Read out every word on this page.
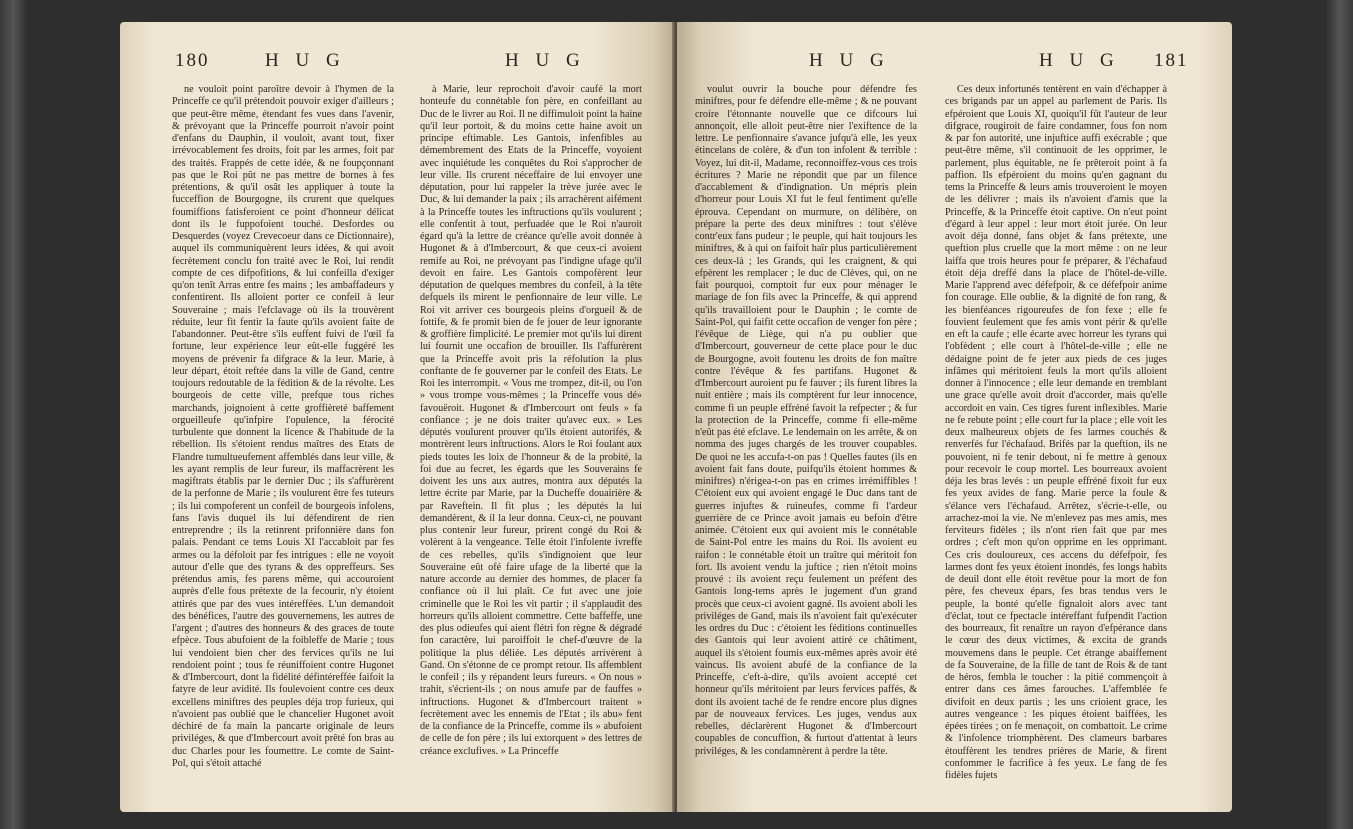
180	H U G	H U G

ne vouloit point paroître devoir à l'hymen de la Princeffe ce qu'il prétendoit pouvoir exiger d'ailleurs ; que peut-être même, étendant fes vues dans l'avenir, & prévoyant que la Princeffe pourroit n'avoir point d'enfans du Dauphin, il vouloit, avant tout, fixer irrévocablement fes droits, foit par les armes, foit par des traités. Frappés de cette idée, & ne foupçonnant pas que le Roi pût ne pas mettre de bornes à fes prétentions, & qu'il osât les appliquer à toute la fucceffion de Bourgogne, ils crurent que quelques foumiffions fatisferoient ce point d'honneur délicat dont ils le fuppofoient touché. Desfordes ou Desquerdes (voyez Crevecoeur dans ce Dictionnaire), auquel ils communiquèrent leurs idées, & qui avoit fecrètement conclu fon traité avec le Roi, lui rendit compte de ces difpofitions, & lui confeilla d'exiger qu'on tenît Arras entre fes mains ; les ambaffadeurs y confentirent. Ils alloient porter ce confeil à leur Souveraine ; mais l'efclavage où ils la trouvèrent réduite, leur fit fentir la faute qu'ils avoient faite de l'abandonner. Peut-être s'ils euffent fuivi de l'œil fa fortune, leur expérience leur eût-elle fuggéré les moyens de prévenir fa difgrace & la leur. Marie, à leur départ, étoit reftée dans la ville de Gand, centre toujours redoutable de la fédition & de la révolte. Les bourgeois de cette ville, prefque tous riches marchands, joignoient à cette groffièreté baffement orgueilleufe qu'infpire l'opulence, la férocité turbulente que donnent la licence & l'habitude de la rébellion. Ils s'étoient rendus maîtres des Etats de Flandre tumultueufement affemblés dans leur ville, & les ayant remplis de leur fureur, ils maffacrèrent les magiftrats établis par le dernier Duc ; ils s'affurèrent de la perfonne de Marie ; ils voulurent être fes tuteurs ; ils lui compoferent un confeil de bourgeois infolens, fans l'avis duquel ils lui défendirent de rien entreprendre ; ils la retinrent prifonnière dans fon palais. Pendant ce tems Louis XI l'accabloit par fes armes ou la défoloit par fes intrigues : elle ne voyoit autour d'elle que des tyrans & des oppreffeurs. Ses prétendus amis, fes parens même, qui accouroient auprès d'elle fous prétexte de la fecourir, n'y étoient attirés que par des vues intéreffées. L'un demandoit des bénéfices, l'autre des gouvernemens, les autres de l'argent ; d'autres des honneurs & des graces de toute efpèce. Tous abufoient de la foibleffe de Marie ; tous lui vendoient bien cher des fervices qu'ils ne lui rendoient point ; tous fe réuniffoient contre Hugonet & d'Imbercourt, dont la fidélité défintéreffée faifoit la fatyre de leur avidité. Ils foulevoient contre ces deux excellens miniftres des peuples déja trop furieux, qui n'avoient pas oublié que le chancelier Hugonet avoit déchiré de fa main la pancarte originale de leurs priviléges, & que d'Imbercourt avoit prêté fon bras au duc Charles pour les foumettre. Le comte de Saint-Pol, qui s'étoit attaché

à Marie, leur reprochoit d'avoir caufé la mort honteufe du connétable fon père, en confeillant au Duc de le livrer au Roi. Il ne diffimuloit point la haine qu'il leur portoit, & du moins cette haine avoit un principe eftimable. Les Gantois, infenfibles au démembrement des Etats de la Princeffe, voyoient avec inquiétude les conquêtes du Roi s'approcher de leur ville. Ils crurent néceffaire de lui envoyer une députation, pour lui rappeler la trève jurée avec le Duc, & lui demander la paix ; ils arrachèrent aifément à la Princeffe toutes les inftructions qu'ils voulurent ; elle confentit à tout, perfuadée que le Roi n'auroit égard qu'à la lettre de créance qu'elle avoit donnée à Hugonet & à d'Imbercourt, & que ceux-ci avoient remife au Roi, ne prévoyant pas l'indigne ufage qu'il devoit en faire. Les Gantois compofèrent leur députation de quelques membres du confeil, à la tête defquels ils mirent le penfionnaire de leur ville. Le Roi vit arriver ces bourgeois pleins d'orgueil & de fottife, & fe promit bien de fe jouer de leur ignorante & groffière fimplicité. Le premier mot qu'ils lui dirent lui fournit une occafion de brouiller. Ils l'affurèrent que la Princeffe avoit pris la réfolution la plus conftante de fe gouverner par le confeil des Etats. Le Roi les interrompit. « Vous me trompez, dit-il, ou l'on » vous trompe vous-mêmes ; la Princeffe vous dé» favouëroit. Hugonet & d'Imbercourt ont feuls » fa confiance ; je ne dois traiter qu'avec eux. » Les députés voulurent prouver qu'ils étoient autorifés, & montrèrent leurs inftructions. Alors le Roi foulant aux pieds toutes les loix de l'honneur & de la probité, la foi due au fecret, les égards que les Souverains fe doivent les uns aux autres, montra aux députés la lettre écrite par Marie, par la Ducheffe douairière & par Raveftein. Il fit plus ; les députés la lui demandèrent, & il la leur donna. Ceux-ci, ne pouvant plus contenir leur fureur, prirent congé du Roi & volèrent à la vengeance. Telle étoit l'infolente ivreffe de ces rebelles, qu'ils s'indignoient que leur Souveraine eût ofé faire ufage de la liberté que la nature accorde au dernier des hommes, de placer fa confiance où il lui plaît. Ce fut avec une joie criminelle que le Roi les vit partir ; il s'applaudit des horreurs qu'ils alloient commettre. Cette baffeffe, une des plus odieufes qui aient flétri fon règne & dégradé fon caractère, lui paroiffoit le chef-d'œuvre de la politique la plus déliée. Les députés arrivèrent à Gand. On s'étonne de ce prompt retour. Ils affemblent le confeil ; ils y répandent leurs fureurs. « On nous » trahit, s'écrient-ils ; on nous amufe par de fauffes » inftructions. Hugonet & d'Imbercourt traitent » fecrètement avec les ennemis de l'Etat ; ils abu» fent de la confiance de la Princeffe, comme ils » abufoient de celle de fon père ; ils lui extorquent » des lettres de créance exclufives. » La Princeffe

H U G	H U G 181

voulut ouvrir la bouche pour défendre fes miniftres, pour fe défendre elle-même ; & ne pouvant croire l'étonnante nouvelle que ce difcours lui annonçoit, elle alloit peut-être nier l'exiftence de la lettre. Le penfionnaire s'avance jufqu'à elle, les yeux étincelans de colère, & d'un ton infolent & terrible : Voyez, lui dit-il, Madame, reconnoiffez-vous ces trois écritures ? Marie ne répondit que par un filence d'accablement & d'indignation. Un mépris plein d'horreur pour Louis XI fut le feul fentiment qu'elle éprouva. Cependant on murmure, on délibère, on prépare la perte des deux miniftres : tout s'élève contr'eux fans pudeur ; le peuple, qui hait toujours les miniftres, & à qui on faifoit haïr plus particulièrement ces deux-là ; les Grands, qui les craignent, & qui efpèrent les remplacer ; le duc de Clèves, qui, on ne fait pourquoi, comptoit fur eux pour ménager le mariage de fon fils avec la Princeffe, & qui apprend qu'ils travailloient pour le Dauphin ; le comte de Saint-Pol, qui faifit cette occafion de venger fon père ; l'évêque de Liège, qui n'a pu oublier que d'Imbercourt, gouverneur de cette place pour le duc de Bourgogne, avoit foutenu les droits de fon maître contre l'évêque & fes partifans. Hugonet & d'Imbercourt auroient pu fe fauver ; ils furent libres la nuit entière ; mais ils comptèrent fur leur innocence, comme fi un peuple effréné favoit la refpecter ; & fur la protection de la Princeffe, comme fi elle-même n'eût pas été efclave. Le lendemain on les arrête, & on nomma des juges chargés de les trouver coupables. De quoi ne les accufa-t-on pas ! Quelles fautes (ils en avoient fait fans doute, puifqu'ils étoient hommes & miniftres) n'érigea-t-on pas en crimes irrémiffibles ! C'étoient eux qui avoient engagé le Duc dans tant de guerres injuftes & ruineufes, comme fi l'ardeur guerrière de ce Prince avoit jamais eu befoin d'être animée. C'étoient eux qui avoient mis le connétable de Saint-Pol entre les mains du Roi. Ils avoient eu raifon : le connétable étoit un traître qui méritoit fon fort. Ils avoient vendu la juftice ; rien n'étoit moins prouvé : ils avoient reçu feulement un préfent des Gantois long-tems après le jugement d'un grand procès que ceux-ci avoient gagné. Ils avoient aboli les priviléges de Gand, mais ils n'avoient fait qu'exécuter les ordres du Duc : c'étoient les féditions continuelles des Gantois qui leur avoient attiré ce châtiment, auquel ils s'étoient foumis eux-mêmes après avoir été vaincus. Ils avoient abufé de la confiance de la Princeffe, c'eft-à-dire, qu'ils avoient accepté cet honneur qu'ils méritoient par leurs fervices paffés, & dont ils avoient taché de fe rendre encore plus dignes par de nouveaux fervices. Les juges, vendus aux rebelles, déclarèrent Hugonet & d'Imbercourt coupables de concuffion, & furtout d'attentat à leurs priviléges, & les condamnèrent à perdre la tête.

Ces deux infortunés tentèrent en vain d'échapper à ces brigands par un appel au parlement de Paris. Ils efpéroient que Louis XI, quoiqu'il fût l'auteur de leur difgrace, rougiroit de faire condamner, fous fon nom & par fon autorité, une injuftice auffi exécrable ; que peut-être même, s'il continuoit de les opprimer, le parlement, plus équitable, ne fe prêteroit point à fa paffion. Ils efpéroient du moins qu'en gagnant du tems la Princeffe & leurs amis trouveroient le moyen de les délivrer ; mais ils n'avoient d'amis que la Princeffe, & la Princeffe étoit captive. On n'eut point d'égard à leur appel : leur mort étoit jurée. On leur avoit déja donné, fans objet & fans prétexte, une queftion plus cruelle que la mort même : on ne leur laiffa que trois heures pour fe préparer, & l'échafaud étoit déja dreffé dans la place de l'hôtel-de-ville. Marie l'apprend avec défefpoir, & ce défefpoir anime fon courage. Elle oublie, & la dignité de fon rang, & les bienféances rigoureufes de fon fexe ; elle fe fouvient feulement que fes amis vont périr & qu'elle en eft la caufe ; elle écarte avec horreur les tyrans qui l'obfèdent ; elle court à l'hôtel-de-ville ; elle ne dédaigne point de fe jeter aux pieds de ces juges infâmes qui méritoient feuls la mort qu'ils alloient donner à l'innocence ; elle leur demande en tremblant une grace qu'elle avoit droit d'accorder, mais qu'elle accordoit en vain. Ces tigres furent inflexibles. Marie ne fe rebute point ; elle court fur la place ; elle voit les deux malheureux objets de fes larmes couchés & renverfés fur l'échafaud. Brifés par la queftion, ils ne pouvoient, ni fe tenir debout, ni fe mettre à genoux pour recevoir le coup mortel. Les bourreaux avoient déja les bras levés : un peuple effréné fixoit fur eux fes yeux avides de fang. Marie perce la foule & s'élance vers l'échafaud. Arrêtez, s'écrie-t-elle, ou arrachez-moi la vie. Ne m'enlevez pas mes amis, mes ferviteurs fidèles ; ils n'ont rien fait que par mes ordres ; c'eft mon qu'on opprime en les opprimant. Ces cris douloureux, ces accens du défefpoir, fes larmes dont fes yeux étoient inondés, fes longs habits de deuil dont elle étoit revêtue pour la mort de fon père, fes cheveux épars, fes bras tendus vers le peuple, la bonté qu'elle fignaloit alors avec tant d'éclat, tout ce fpectacle intéreffant fufpendit l'action des bourreaux, fit renaître un rayon d'efpérance dans le cœur des deux victimes, & excita de grands mouvemens dans le peuple. Cet étrange abaiffement de fa Souveraine, de la fille de tant de Rois & de tant de héros, fembla le toucher : la pitié commençoit à entrer dans ces âmes farouches. L'affemblée fe divifoit en deux partis ; les uns crioient grace, les autres vengeance : les piques étoient baiffées, les épées tirées ; on fe menaçoit, on combattoit. Le crime & l'infolence triomphèrent. Des clameurs barbares étouffèrent les tendres prières de Marie, & firent confommer le facrifice à fes yeux. Le fang de fes fidèles fujets
